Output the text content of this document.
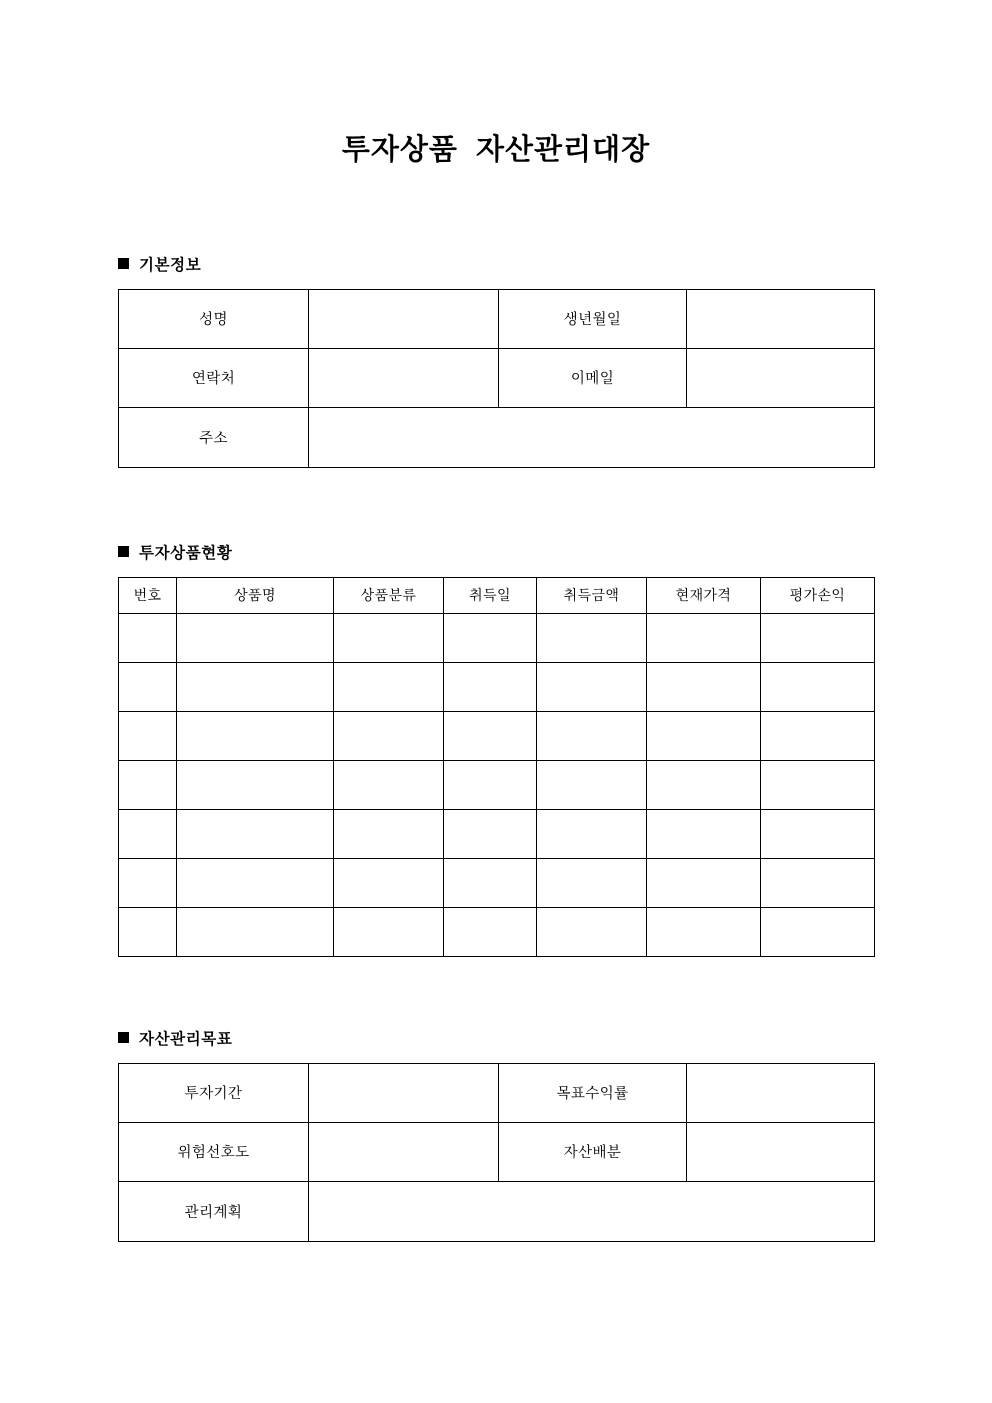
투자상품  자산관리대장
기본정보
성명		생년월일	
연락처		이메일	
주소			
투자상품현황
번호	상품명	상품분류	취득일	취득금액	현재가격	평가손익

자산관리목표
투자기간		목표수익률	
위험선호도		자산배분	
관리계획			
